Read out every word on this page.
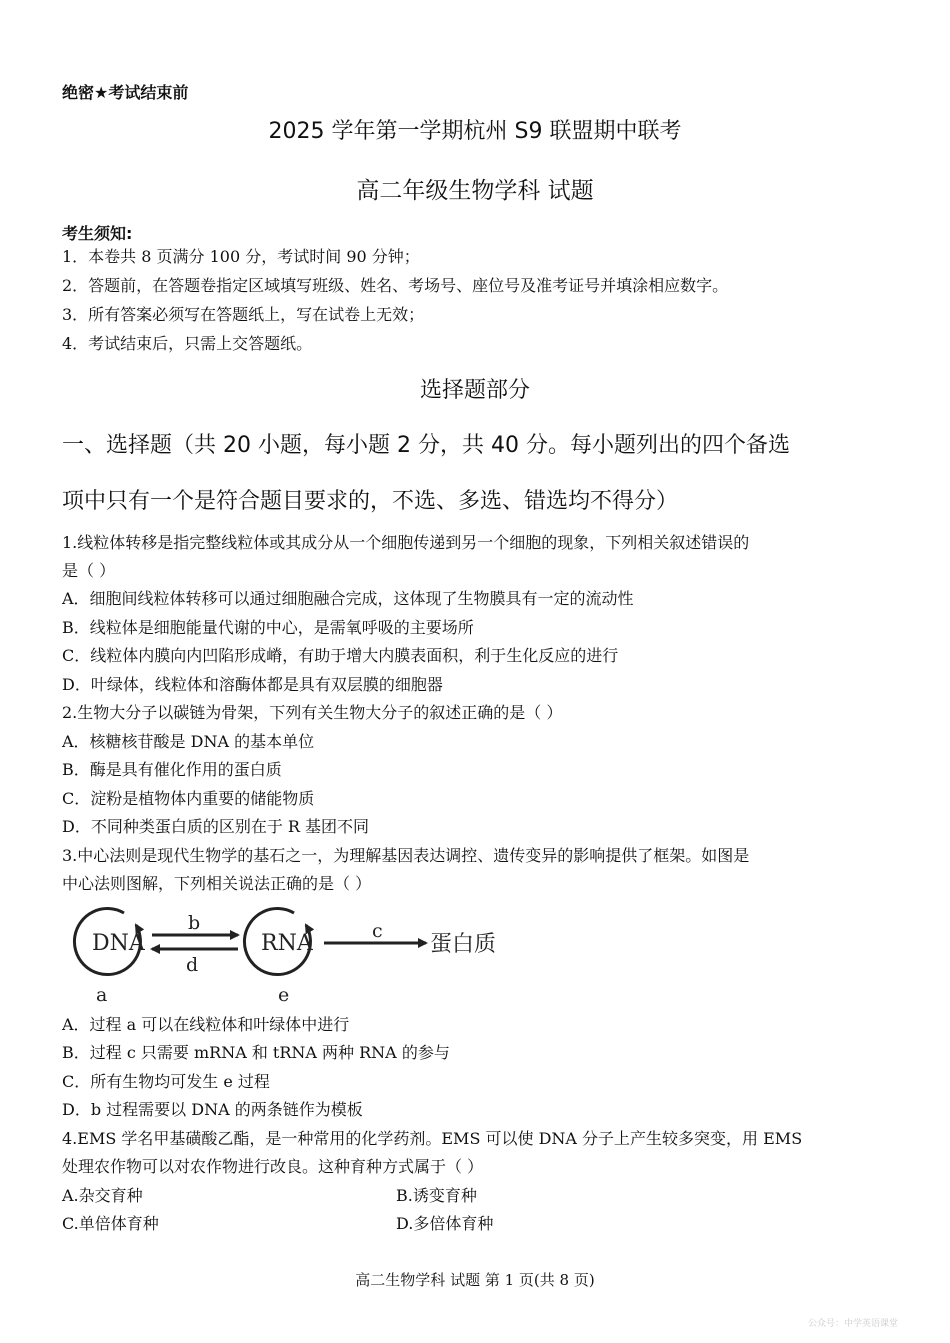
绝密★考试结束前
2025 学年第一学期杭州 S9 联盟期中联考
高二年级生物学科 试题
考生须知:
1．本卷共 8 页满分 100 分，考试时间 90 分钟；
2．答题前，在答题卷指定区域填写班级、姓名、考场号、座位号及准考证号并填涂相应数字。
3．所有答案必须写在答题纸上，写在试卷上无效；
4．考试结束后，只需上交答题纸。
选择题部分
一、选择题（共 20 小题，每小题 2 分，共 40 分。每小题列出的四个备选
项中只有一个是符合题目要求的，不选、多选、错选均不得分）
1.线粒体转移是指完整线粒体或其成分从一个细胞传递到另一个细胞的现象，下列相关叙述错误的
是（ ）
A．细胞间线粒体转移可以通过细胞融合完成，这体现了生物膜具有一定的流动性
B．线粒体是细胞能量代谢的中心，是需氧呼吸的主要场所
C．线粒体内膜向内凹陷形成嵴，有助于增大内膜表面积，利于生化反应的进行
D．叶绿体，线粒体和溶酶体都是具有双层膜的细胞器
2.生物大分子以碳链为骨架，下列有关生物大分子的叙述正确的是（ ）
A．核糖核苷酸是 DNA 的基本单位
B．酶是具有催化作用的蛋白质
C．淀粉是植物体内重要的储能物质
D．不同种类蛋白质的区别在于 R 基团不同
3.中心法则是现代生物学的基石之一，为理解基因表达调控、遗传变异的影响提供了框架。如图是
中心法则图解，下列相关说法正确的是（ ）
DNA
a
b
d
RNA
e
c
蛋白质
A．过程 a 可以在线粒体和叶绿体中进行
B．过程 c 只需要 mRNA 和 tRNA 两种 RNA 的参与
C．所有生物均可发生 e 过程
D．b 过程需要以 DNA 的两条链作为模板
4.EMS 学名甲基磺酸乙酯，是一种常用的化学药剂。EMS 可以使 DNA 分子上产生较多突变，用 EMS
处理农作物可以对农作物进行改良。这种育种方式属于（ ）
A.杂交育种	B.诱变育种
C.单倍体育种	D.多倍体育种
高二生物学科 试题 第 1 页(共 8 页)
公众号：中学英语课堂
